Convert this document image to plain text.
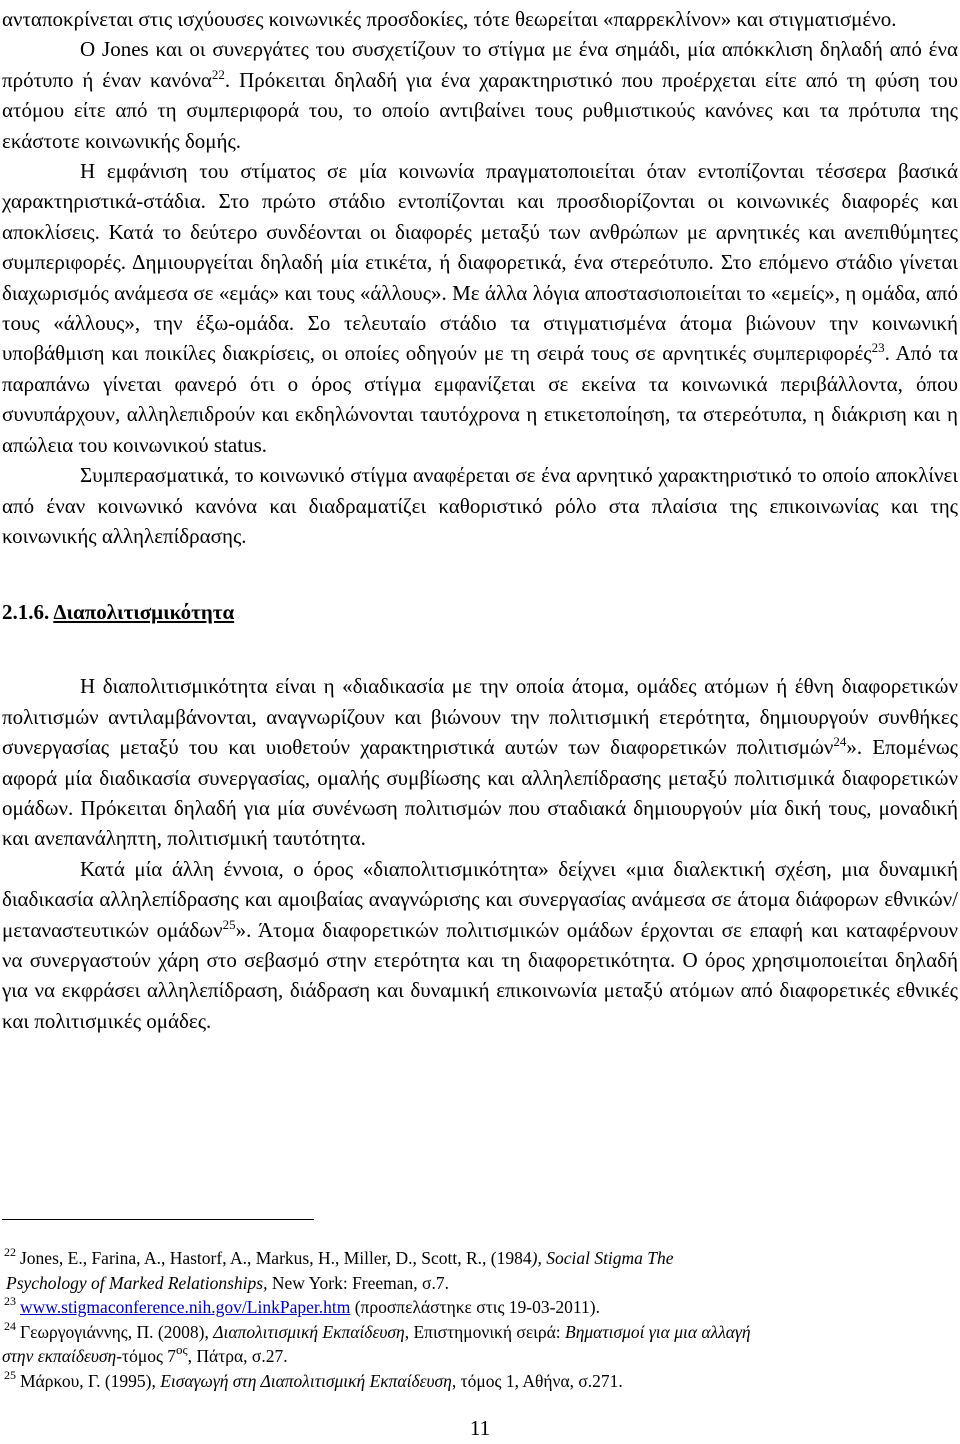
ανταποκρίνεται στις ισχύουσες κοινωνικές προσδοκίες, τότε θεωρείται «παρρεκλίνον» και στιγματισμένο.

Ο Jones και οι συνεργάτες του συσχετίζουν το στίγμα με ένα σημάδι, μία απόκκλιση δηλαδή από ένα πρότυπο ή έναν κανόνα$^{22}$. Πρόκειται δηλαδή για ένα χαρακτηριστικό που προέρχεται είτε από τη φύση του ατόμου είτε από τη συμπεριφορά του, το οποίο αντιβαίνει τους ρυθμιστικούς κανόνες και τα πρότυπα της εκάστοτε κοινωνικής δομής.

Η εμφάνιση του στίματος σε μία κοινωνία πραγματοποιείται όταν εντοπίζονται τέσσερα βασικά χαρακτηριστικά-στάδια. Στο πρώτο στάδιο εντοπίζονται και προσδιορίζονται οι κοινωνικές διαφορές και αποκλίσεις. Κατά το δεύτερο συνδέονται οι διαφορές μεταξύ των ανθρώπων με αρνητικές και ανεπιθύμητες συμπεριφορές. Δημιουργείται δηλαδή μία ετικέτα, ή διαφορετικά, ένα στερεότυπο. Στο επόμενο στάδιο γίνεται διαχωρισμός ανάμεσα σε «εμάς» και τους «άλλους». Με άλλα λόγια αποστασιοποιείται το «εμείς», η ομάδα, από τους «άλλους», την έξω-ομάδα. Σο τελευταίο στάδιο τα στιγματισμένα άτομα βιώνουν την κοινωνική υποβάθμιση και ποικίλες διακρίσεις, οι οποίες οδηγούν με τη σειρά τους σε αρνητικές συμπεριφορές$^{23}$. Από τα παραπάνω γίνεται φανερό ότι ο όρος στίγμα εμφανίζεται σε εκείνα τα κοινωνικά περιβάλλοντα, όπου συνυπάρχουν, αλληλεπιδρούν και εκδηλώνονται ταυτόχρονα η ετικετοποίηση, τα στερεότυπα, η διάκριση και η απώλεια του κοινωνικού status.

Συμπερασματικά, το κοινωνικό στίγμα αναφέρεται σε ένα αρνητικό χαρακτηριστικό το οποίο αποκλίνει από έναν κοινωνικό κανόνα και διαδραματίζει καθοριστικό ρόλο στα πλαίσια της επικοινωνίας και της κοινωνικής αλληλεπίδρασης.

2.1.6. Διαπολιτισμικότητα

Η διαπολιτισμικότητα είναι η «διαδικασία με την οποία άτομα, ομάδες ατόμων ή έθνη διαφορετικών πολιτισμών αντιλαμβάνονται, αναγνωρίζουν και βιώνουν την πολιτισμική ετερότητα, δημιουργούν συνθήκες συνεργασίας μεταξύ του και υιοθετούν χαρακτηριστικά αυτών των διαφορετικών πολιτισμών$^{24}$». Επομένως αφορά μία διαδικασία συνεργασίας, ομαλής συμβίωσης και αλληλεπίδρασης μεταξύ πολιτισμικά διαφορετικών ομάδων. Πρόκειται δηλαδή για μία συνένωση πολιτισμών που σταδιακά δημιουργούν μία δική τους, μοναδική και ανεπανάληπτη, πολιτισμική ταυτότητα.

Κατά μία άλλη έννοια, ο όρος «διαπολιτισμικότητα» δείχνει «μια διαλεκτική σχέση, μια δυναμική διαδικασία αλληλεπίδρασης και αμοιβαίας αναγνώρισης και συνεργασίας ανάμεσα σε άτομα διάφορων εθνικών/μεταναστευτικών ομάδων$^{25}$». Άτομα διαφορετικών πολιτισμικών ομάδων έρχονται σε επαφή και καταφέρνουν να συνεργαστούν χάρη στο σεβασμό στην ετερότητα και τη διαφορετικότητα. Ο όρος χρησιμοποιείται δηλαδή για να εκφράσει αλληλεπίδραση, διάδραση και δυναμική επικοινωνία μεταξύ ατόμων από διαφορετικές εθνικές και πολιτισμικές ομάδες.

$^{22}$ Jones, E., Farina, A., Hastorf, A., Markus, H., Miller, D., Scott, R., (1984), Social Stigma The
Psychology of Marked Relationships, New York: Freeman, σ.7.

$^{23}$ www.stigmaconference.nih.gov/LinkPaper.htm (προσπελάστηκε στις 19-03-2011).

$^{24}$ Γεωργογιάννης, Π. (2008), Διαπολιτισμική Εκπαίδευση, Επιστημονική σειρά: Βηματισμοί για μια αλλαγή
στην εκπαίδευση-τόμος $7^{o\varsigma}$, Πάτρα, σ.27.

$^{25}$ Μάρκου, Γ. (1995), Εισαγωγή στη Διαπολιτισμική Εκπαίδευση, τόμος 1, Αθήνα, σ.271.

11
